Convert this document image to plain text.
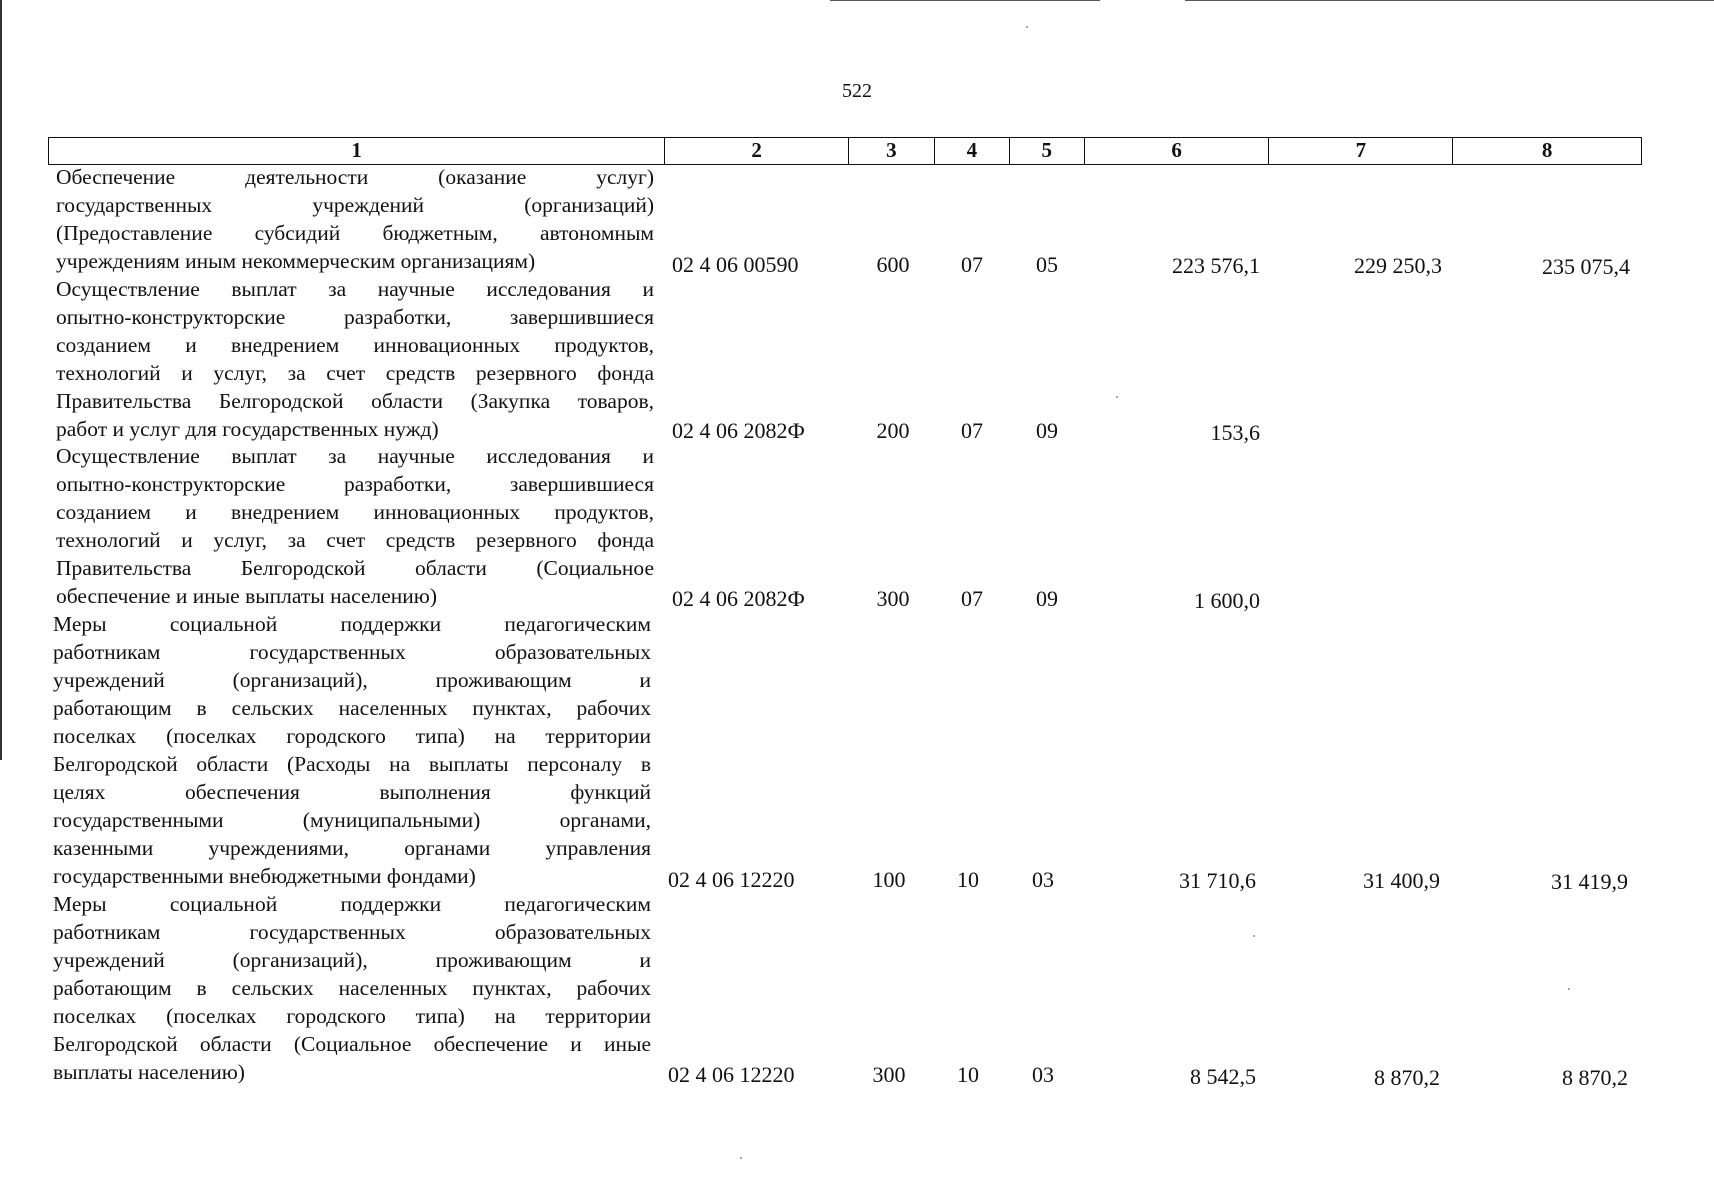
522
1	2	3	4	5	6	7	8
Обеспечение деятельности (оказание услуг)
государственных учреждений (организаций)
(Предоставление субсидий бюджетным, автономным
учреждениям иным некоммерческим организациям)	02 4 06 00590	600	07	05	223 576,1	229 250,3	235 075,4
Осуществление выплат за научные исследования и
опытно-конструкторские разработки, завершившиеся
созданием и внедрением инновационных продуктов,
технологий и услуг, за счет средств резервного фонда
Правительства Белгородской области (Закупка товаров,
работ и услуг для государственных нужд)	02 4 06 2082Ф	200	07	09	153,6
Осуществление выплат за научные исследования и
опытно-конструкторские разработки, завершившиеся
созданием и внедрением инновационных продуктов,
технологий и услуг, за счет средств резервного фонда
Правительства Белгородской области (Социальное
обеспечение и иные выплаты населению)	02 4 06 2082Ф	300	07	09	1 600,0
Меры социальной поддержки педагогическим
работникам государственных образовательных
учреждений (организаций), проживающим и
работающим в сельских населенных пунктах, рабочих
поселках (поселках городского типа) на территории
Белгородской области (Расходы на выплаты персоналу в
целях обеспечения выполнения функций
государственными (муниципальными) органами,
казенными учреждениями, органами управления
государственными внебюджетными фондами)	02 4 06 12220	100	10	03	31 710,6	31 400,9	31 419,9
Меры социальной поддержки педагогическим
работникам государственных образовательных
учреждений (организаций), проживающим и
работающим в сельских населенных пунктах, рабочих
поселках (поселках городского типа) на территории
Белгородской области (Социальное обеспечение и иные
выплаты населению)	02 4 06 12220	300	10	03	8 542,5	8 870,2	8 870,2
